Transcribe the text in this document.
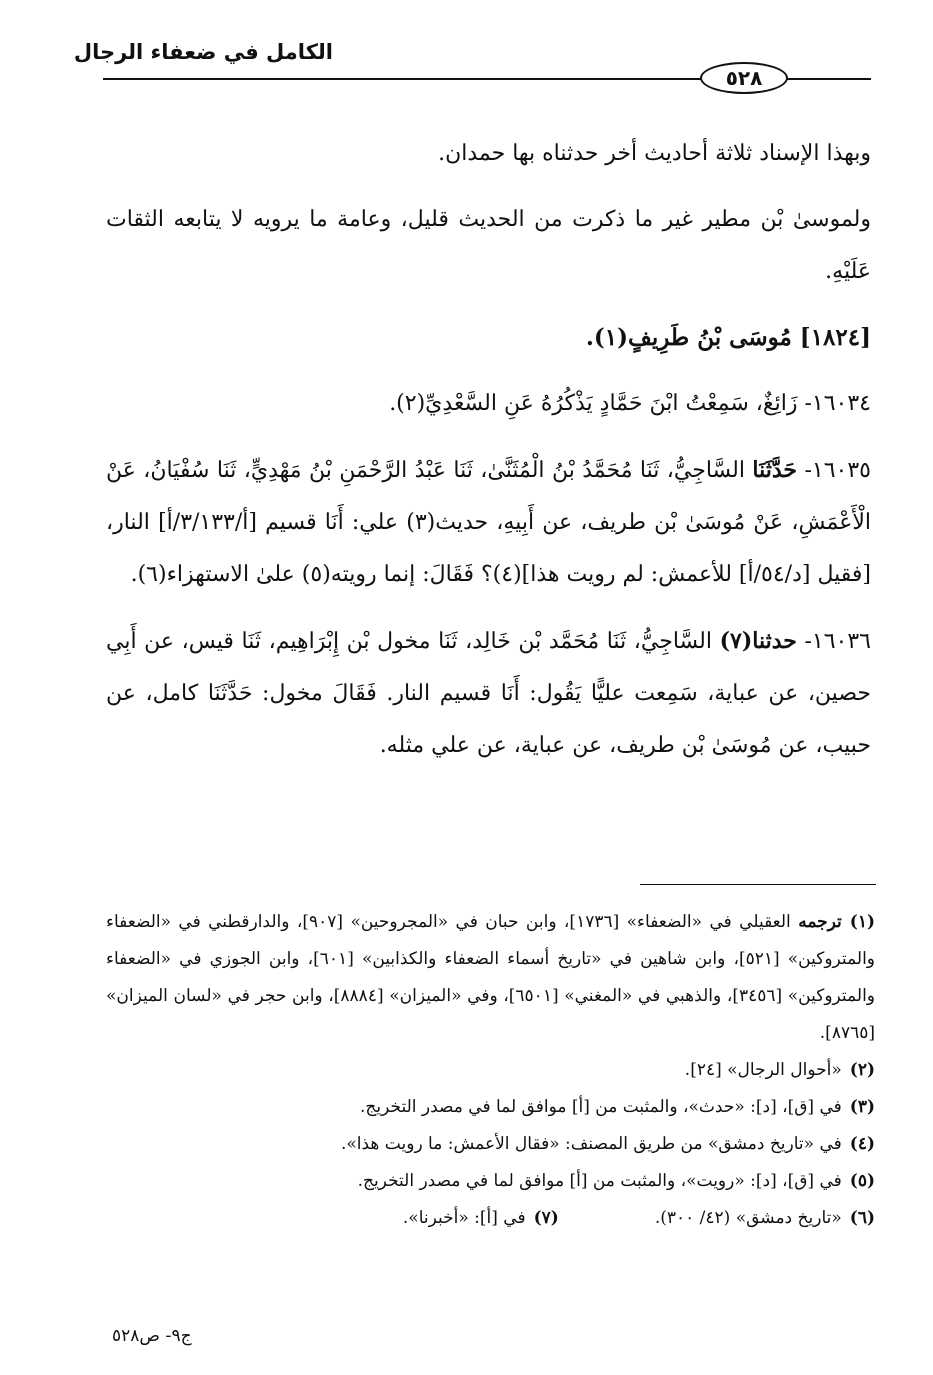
الكامل في ضعفاء الرجال
٥٢٨

وبهذا الإسناد ثلاثة أحاديث أخر حدثناه بها حمدان.

ولموسىٰ بْن مطير غير ما ذكرت من الحديث قليل، وعامة ما يرويه لا يتابعه الثقات عَلَيْهِ.

[١٨٢٤] مُوسَى بْنُ طَرِيفٍ(١).

١٦٠٣٤- زَائِغٌ، سَمِعْتُ ابْنَ حَمَّادٍ يَذْكُرُهُ عَنِ السَّعْدِيِّ(٢).

١٦٠٣٥- حَدَّثَنَا السَّاجِيُّ، ثَنَا مُحَمَّدُ بْنُ الْمُثَنَّىٰ، ثَنَا عَبْدُ الرَّحْمَنِ بْنُ مَهْدِيٍّ، ثَنَا سُفْيَانُ، عَنْ الْأَعْمَشِ، عَنْ مُوسَىٰ بْن طريف، عن أَبِيهِ، حديث(٣) علي: أَنَا قسيم [أ/٣/١٣٣/أ] النار، [فقيل [د/٥٤/أ] للأعمش: لم رويت هذا](٤)؟ فَقَالَ: إنما رويته(٥) علىٰ الاستهزاء(٦).

١٦٠٣٦- حدثنا(٧) السَّاجِيُّ، ثَنَا مُحَمَّد بْن خَالِد، ثَنَا مخول بْن إِبْرَاهِيم، ثَنَا قيس، عن أَبِي حصين، عن عباية، سَمِعت عليًّا يَقُول: أَنَا قسيم النار. فَقَالَ مخول: حَدَّثَنَا كامل، عن حبيب، عن مُوسَىٰ بْن طريف، عن عباية، عن علي مثله.

(١)ترجمه العقيلي في «الضعفاء» [١٧٣٦]، وابن حبان في «المجروحين» [٩٠٧]، والدارقطني في «الضعفاء والمتروكين» [٥٢١]، وابن شاهين في «تاريخ أسماء الضعفاء والكذابين» [٦٠١]، وابن الجوزي في «الضعفاء والمتروكين» [٣٤٥٦]، والذهبي في «المغني» [٦٥٠١]، وفي «الميزان» [٨٨٨٤]، وابن حجر في «لسان الميزان» [٨٧٦٥].

(٢)«أحوال الرجال» [٢٤].

(٣)في [ق]، [د]: «حدث»، والمثبت من [أ] موافق لما في مصدر التخريج.

(٤)في «تاريخ دمشق» من طريق المصنف: «فقال الأعمش: ما رويت هذا».

(٥)في [ق]، [د]: «رويت»، والمثبت من [أ] موافق لما في مصدر التخريج.

(٦)«تاريخ دمشق» (٤٢/ ٣٠٠).
(٧)في [أ]: «أخبرنا».
ج٩- ص٥٢٨
